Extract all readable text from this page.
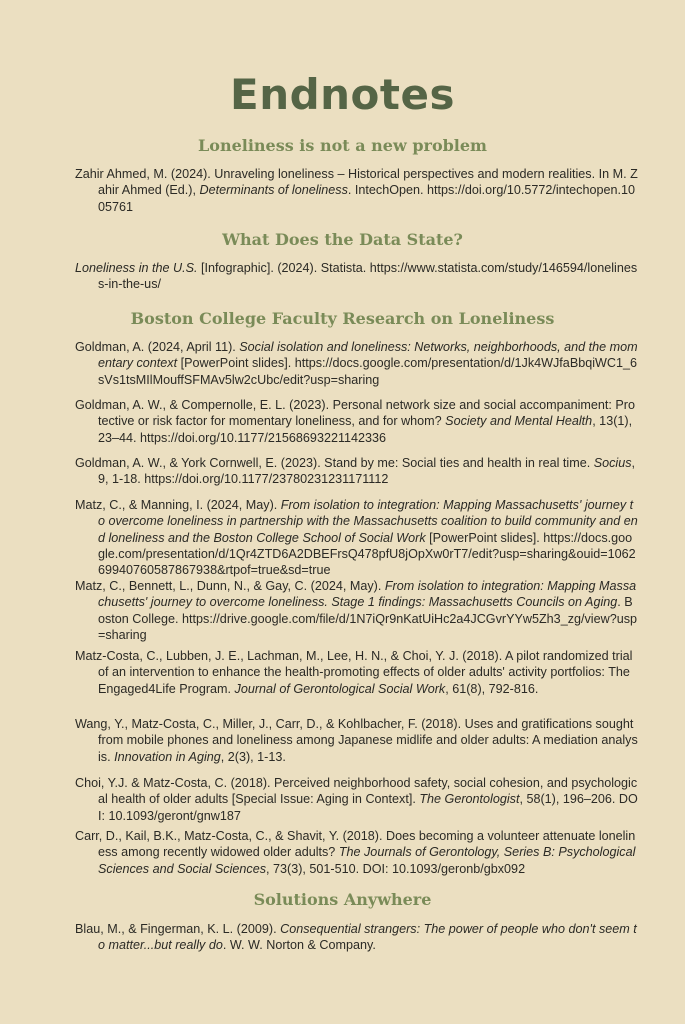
Endnotes
Loneliness is not a new problem

Zahir Ahmed, M. (2024). Unraveling loneliness – Historical perspectives and modern realities. In M. Zahir Ahmed (Ed.), Determinants of loneliness. IntechOpen. https://doi.org/10.5772/intechopen.1005761

What Does the Data State?

Loneliness in the U.S. [Infographic]. (2024). Statista. https://www.statista.com/study/146594/loneliness-in-the-us/

Boston College Faculty Research on Loneliness

Goldman, A. (2024, April 11). Social isolation and loneliness: Networks, neighborhoods, and the momentary context [PowerPoint slides]. https://docs.google.com/presentation/d/1Jk4WJfaBbqiWC1_6sVs1tsMIlMouffSFMAv5lw2cUbc/edit?usp=sharing

Goldman, A. W., & Compernolle, E. L. (2023). Personal network size and social accompaniment: Protective or risk factor for momentary loneliness, and for whom? Society and Mental Health, 13(1), 23–44. https://doi.org/10.1177/21568693221142336

Goldman, A. W., & York Cornwell, E. (2023). Stand by me: Social ties and health in real time. Socius, 9, 1-18. https://doi.org/10.1177/23780231231171112

Matz, C., & Manning, I. (2024, May). From isolation to integration: Mapping Massachusetts' journey to overcome loneliness in partnership with the Massachusetts coalition to build community and end loneliness and the Boston College School of Social Work [PowerPoint slides]. https://docs.google.com/presentation/d/1Qr4ZTD6A2DBEFrsQ478pfU8jOpXw0rT7/edit?usp=sharing&ouid=106269940760587867938&rtpof=true&sd=true

Matz, C., Bennett, L., Dunn, N., & Gay, C. (2024, May). From isolation to integration: Mapping Massachusetts' journey to overcome loneliness. Stage 1 findings: Massachusetts Councils on Aging. Boston College. https://drive.google.com/file/d/1N7iQr9nKatUiHc2a4JCGvrYYw5Zh3_zg/view?usp=sharing

Matz-Costa, C., Lubben, J. E., Lachman, M., Lee, H. N., & Choi, Y. J. (2018). A pilot randomized trial of an intervention to enhance the health-promoting effects of older adults' activity portfolios: The Engaged4Life Program. Journal of Gerontological Social Work, 61(8), 792-816.

Wang, Y., Matz-Costa, C., Miller, J., Carr, D., & Kohlbacher, F. (2018). Uses and gratifications sought from mobile phones and loneliness among Japanese midlife and older adults: A mediation analysis. Innovation in Aging, 2(3), 1-13.

Choi, Y.J. & Matz-Costa, C. (2018). Perceived neighborhood safety, social cohesion, and psychological health of older adults [Special Issue: Aging in Context]. The Gerontologist, 58(1), 196–206. DOI: 10.1093/geront/gnw187

Carr, D., Kail, B.K., Matz-Costa, C., & Shavit, Y. (2018). Does becoming a volunteer attenuate loneliness among recently widowed older adults? The Journals of Gerontology, Series B: Psychological Sciences and Social Sciences, 73(3), 501-510. DOI: 10.1093/geronb/gbx092

Solutions Anywhere

Blau, M., & Fingerman, K. L. (2009). Consequential strangers: The power of people who don't seem to matter...but really do. W. W. Norton & Company.
